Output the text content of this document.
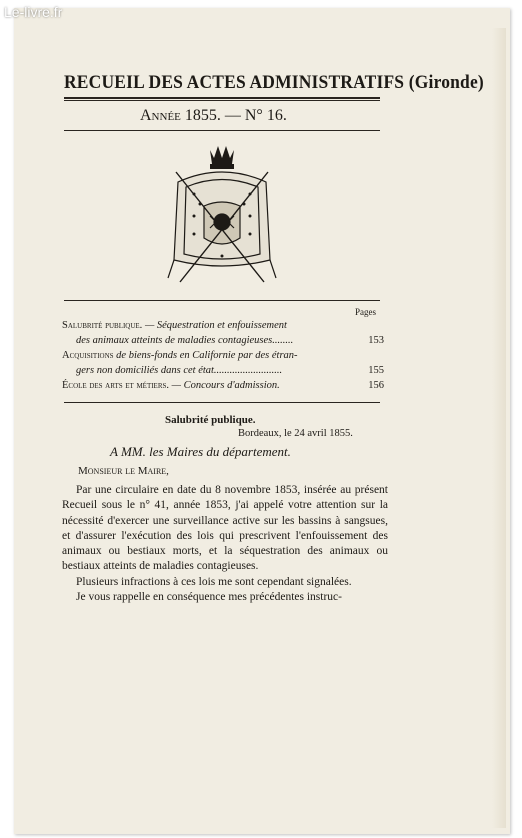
Le-livre.fr
RECUEIL DES ACTES ADMINISTRATIFS (Gironde)
Année 1855. — N° 16.
Pages
Salubrité publique. — Séquestration et enfouissement
des animaux atteints de maladies contagieuses........	153
Acquisitions de biens-fonds en Californie par des étran-
gers non domiciliés dans cet état..........................	155
École des arts et métiers. — Concours d'admission.	156
Salubrité publique.
Bordeaux, le 24 avril 1855.
A MM. les Maires du département.
Monsieur le Maire,

Par une circulaire en date du 8 novembre 1853, insérée au présent Recueil sous le n° 41, année 1853, j'ai appelé votre attention sur la nécessité d'exercer une surveillance active sur les bassins à sangsues, et d'assurer l'exécution des lois qui prescrivent l'enfouissement des animaux ou bestiaux morts, et la séquestration des animaux ou bestiaux atteints de maladies contagieuses.

Plusieurs infractions à ces lois me sont cependant signalées.

Je vous rappelle en conséquence mes précédentes instruc-
